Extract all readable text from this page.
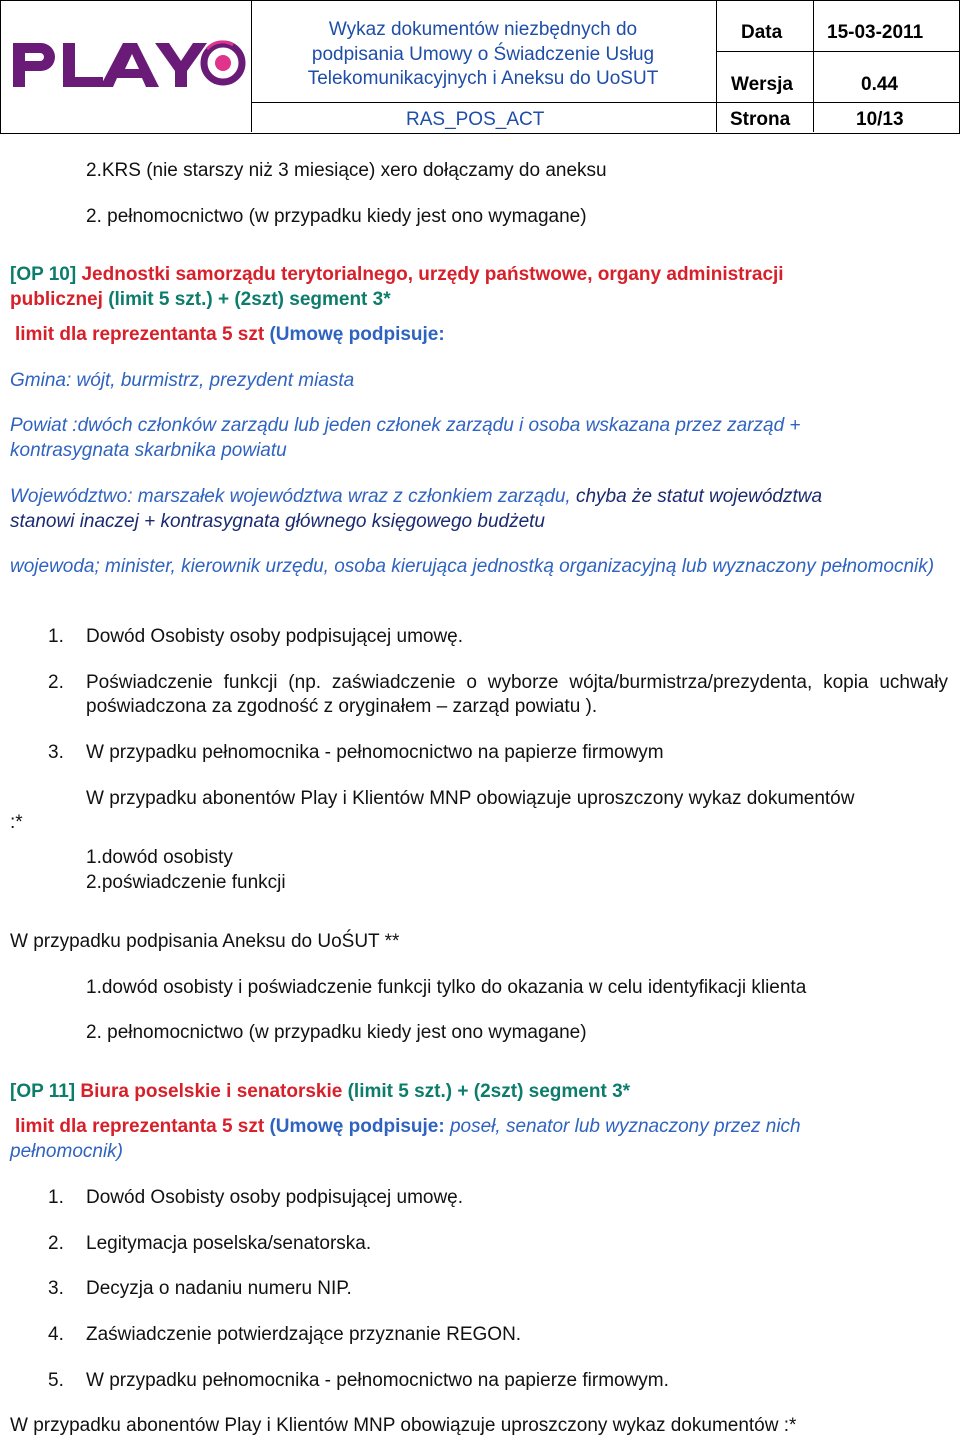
Wykaz dokumentów niezbędnych do
podpisania Umowy o Świadczenie Usług
Telekomunikacyjnych i Aneksu do UoSUT
Data 15-03-2011
Wersja	0.44
RAS_POS_ACT	Strona	10/13
2.KRS (nie starszy niż 3 miesiące) xero dołączamy do aneksu
2. pełnomocnictwo (w przypadku kiedy jest ono wymagane)
[OP 10] Jednostki samorządu terytorialnego, urzędy państwowe, organy administracji
publicznej (limit 5 szt.) + (2szt) segment 3*
limit dla reprezentanta 5 szt (Umowę podpisuje:
Gmina: wójt, burmistrz, prezydent miasta
Powiat :dwóch członków zarządu lub jeden członek zarządu i osoba wskazana przez zarząd +
kontrasygnata skarbnika powiatu
Województwo: marszałek województwa wraz z członkiem zarządu, chyba że statut województwa
stanowi inaczej + kontrasygnata głównego księgowego budżetu
wojewoda; minister, kierownik urzędu, osoba kierująca jednostką organizacyjną lub wyznaczony pełnomocnik)
1. Dowód Osobisty osoby podpisującej umowę.
2. Poświadczenie funkcji (np. zaświadczenie o wyborze wójta/burmistrza/prezydenta, kopia uchwały poświadczona za zgodność z oryginałem – zarząd powiatu ).
3. W przypadku pełnomocnika - pełnomocnictwo na papierze firmowym
W przypadku abonentów Play i Klientów MNP obowiązuje uproszczony wykaz dokumentów
:*
1.dowód osobisty
2.poświadczenie funkcji
W przypadku podpisania Aneksu do UoŚUT **
1.dowód osobisty i poświadczenie funkcji tylko do okazania w celu identyfikacji klienta
2. pełnomocnictwo (w przypadku kiedy jest ono wymagane)
[OP 11] Biura poselskie i senatorskie (limit 5 szt.) + (2szt) segment 3*
limit dla reprezentanta 5 szt (Umowę podpisuje: poseł, senator lub wyznaczony przez nich
pełnomocnik)
1. Dowód Osobisty osoby podpisującej umowę.
2. Legitymacja poselska/senatorska.
3. Decyzja o nadaniu numeru NIP.
4. Zaświadczenie potwierdzające przyznanie REGON.
5. W przypadku pełnomocnika - pełnomocnictwo na papierze firmowym.
W przypadku abonentów Play i Klientów MNP obowiązuje uproszczony wykaz dokumentów :*
